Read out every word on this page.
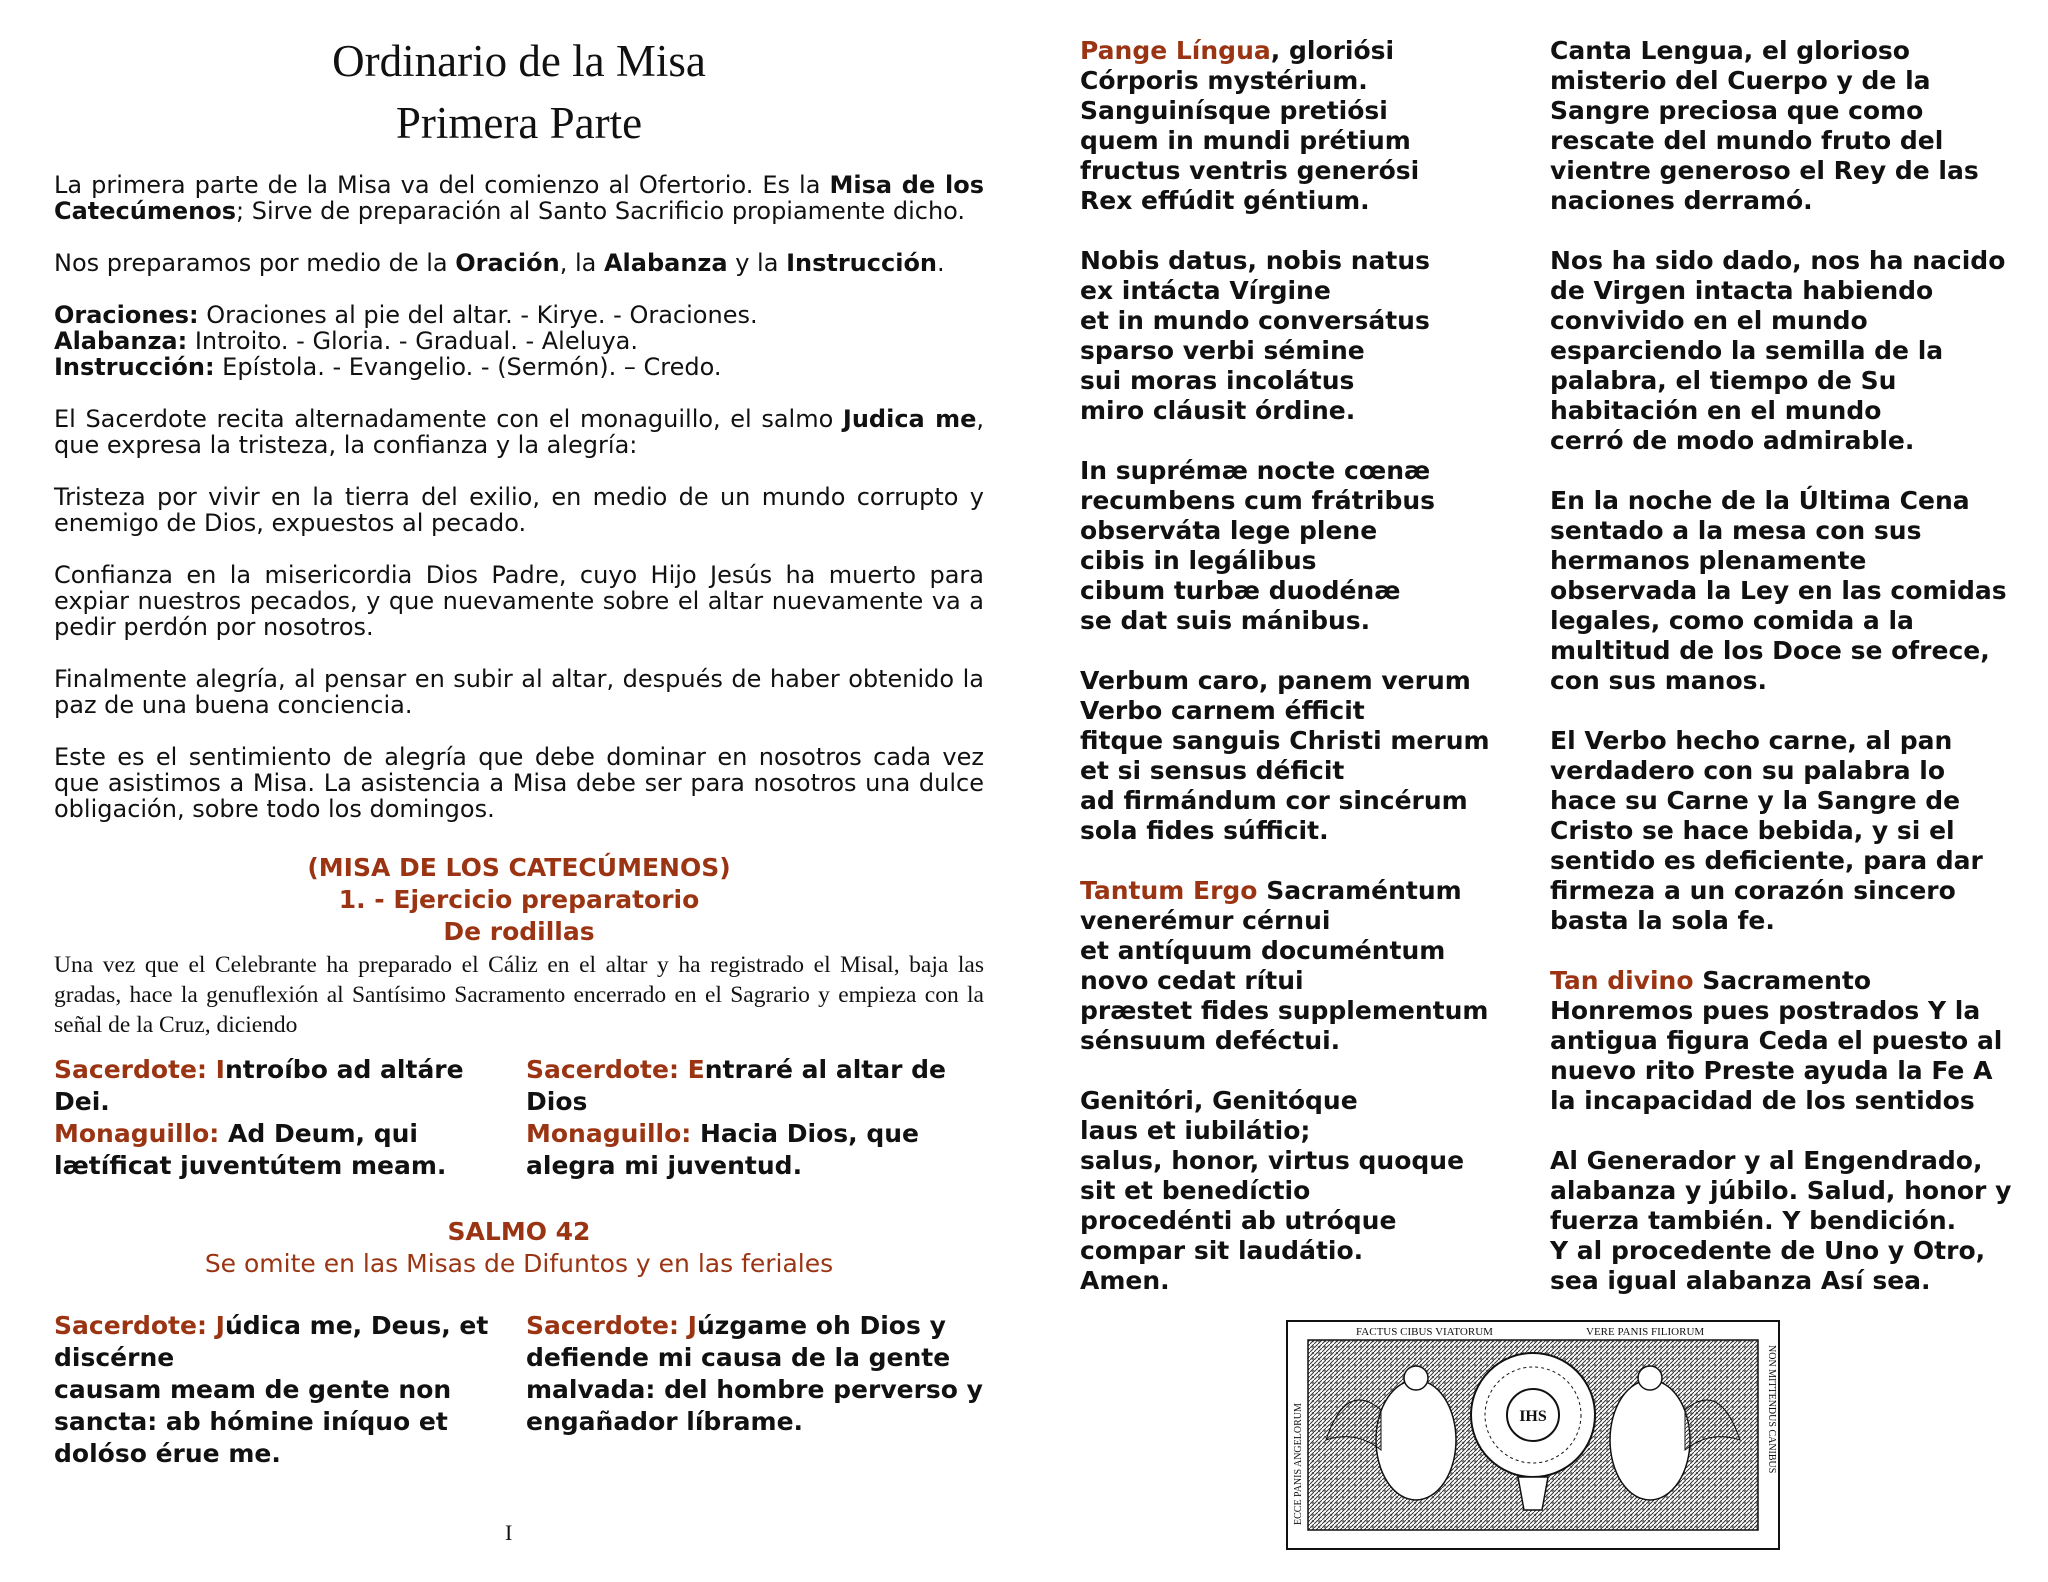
Ordinario de la Misa
Primera Parte

La primera parte de la Misa va del comienzo al Ofertorio. Es la Misa de los Catecúmenos; Sirve de preparación al Santo Sacrificio propiamente dicho.

Nos preparamos por medio de la Oración, la Alabanza y la Instrucción.

Oraciones: Oraciones al pie del altar. - Kirye. - Oraciones.
Alabanza: Introito. - Gloria. - Gradual. - Aleluya.
Instrucción: Epístola. - Evangelio. - (Sermón). – Credo.

El Sacerdote recita alternadamente con el monaguillo, el salmo Judica me, que expresa la tristeza, la confianza y la alegría:

Tristeza por vivir en la tierra del exilio, en medio de un mundo corrupto y enemigo de Dios, expuestos al pecado.

Confianza en la misericordia Dios Padre, cuyo Hijo Jesús ha muerto para expiar nuestros pecados, y que nuevamente sobre el altar nuevamente va a pedir perdón por nosotros.

Finalmente alegría, al pensar en subir al altar, después de haber obtenido la paz de una buena conciencia.

Este es el sentimiento de alegría que debe dominar en nosotros cada vez que asistimos a Misa. La asistencia a Misa debe ser para nosotros una dulce obligación, sobre todo los domingos.

(MISA DE LOS CATECÚMENOS)
1. - Ejercicio preparatorio
De rodillas

Una vez que el Celebrante ha preparado el Cáliz en el altar y ha registrado el Misal, baja las gradas, hace la genuflexión al Santísimo Sacramento encerrado en el Sagrario y empieza con la señal de la Cruz, diciendo

Sacerdote: Introíbo ad altáre Dei.
Monaguillo: Ad Deum, qui lætíficat juventútem meam.
Sacerdote: Entraré al altar de Dios
Monaguillo: Hacia Dios, que alegra mi juventud.
SALMO 42
Se omite en las Misas de Difuntos y en las feriales
Sacerdote: Júdica me, Deus, et discérne
causam meam de gente non sancta: ab hómine iníquo et dolóso érue me.
Sacerdote: Júzgame oh Dios y defiende mi causa de la gente malvada: del hombre perverso y engañador líbrame.
I
Pange Língua, gloriósi
Córporis mystérium.
Sanguinísque pretiósi
quem in mundi prétium
fructus ventris generósi
Rex effúdit géntium.
Nobis datus, nobis natus
ex intácta Vírgine
et in mundo conversátus
sparso verbi sémine
sui moras incolátus
miro cláusit órdine.
In suprémæ nocte cœnæ
recumbens cum frátribus
observáta lege plene
cibis in legálibus
cibum turbæ duodénæ
se dat suis mánibus.
Verbum caro, panem verum
Verbo carnem éfficit
fitque sanguis Christi merum
et si sensus déficit
ad firmándum cor sincérum
sola fides súfficit.
Tantum Ergo Sacraméntum
venerémur cérnui
et antíquum documéntum
novo cedat rítui
præstet fides supplementum
sénsuum deféctui.
Genitóri, Genitóque
laus et iubilátio;
salus, honor, virtus quoque
sit et benedíctio
procedénti ab utróque
compar sit laudátio.
Amen.
Canta Lengua, el glorioso
misterio del Cuerpo y de la
Sangre preciosa que como
rescate del mundo fruto del
vientre generoso el Rey de las
naciones derramó.
Nos ha sido dado, nos ha nacido
de Virgen intacta habiendo
convivido en el mundo
esparciendo la semilla de la
palabra, el tiempo de Su
habitación en el mundo
cerró de modo admirable.
En la noche de la Última Cena
sentado a la mesa con sus
hermanos plenamente
observada la Ley en las comidas
legales, como comida a la
multitud de los Doce se ofrece,
con sus manos.
El Verbo hecho carne, al pan
verdadero con su palabra lo
hace su Carne y la Sangre de
Cristo se hace bebida, y si el
sentido es deficiente, para dar
firmeza a un corazón sincero
basta la sola fe.
Tan divino Sacramento
Honremos pues postrados Y la
antigua figura Ceda el puesto al
nuevo rito Preste ayuda la Fe A
la incapacidad de los sentidos
Al Generador y al Engendrado,
alabanza y júbilo. Salud, honor y
fuerza también. Y bendición.
Y al procedente de Uno y Otro,
sea igual alabanza Así sea.
FACTUS CIBUS VIATORUM	VERE PANIS FILIORUM
ECCE PANIS ANGELORUM	NON MITTENDUS CANIBUS
IHS
